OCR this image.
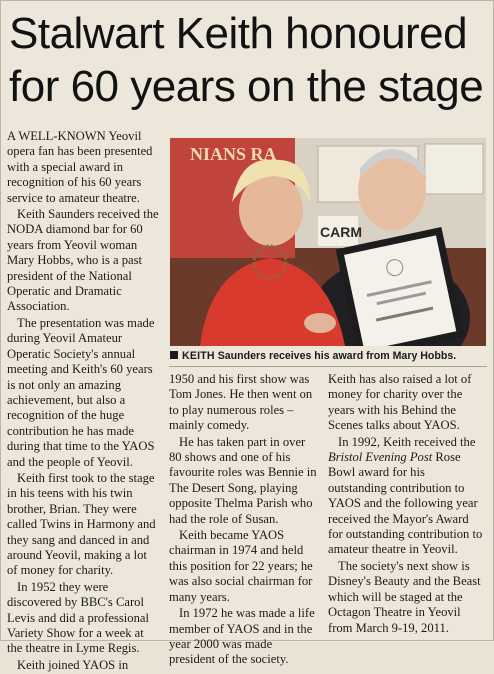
Stalwart Keith honoured for 60 years on the stage

A WELL-KNOWN Yeovil opera fan has been presented with a special award in recognition of his 60 years service to amateur theatre.

Keith Saunders received the NODA diamond bar for 60 years from Yeovil woman Mary Hobbs, who is a past president of the National Operatic and Dramatic Association.

The presentation was made during Yeovil Amateur Operatic Society's annual meeting and Keith's 60 years is not only an amazing achievement, but also a recognition of the huge contribution he has made during that time to the YAOS and the people of Yeovil.

Keith first took to the stage in his teens with his twin brother, Brian. They were called Twins in Harmony and they sang and danced in and around Yeovil, making a lot of money for charity.

In 1952 they were discovered by BBC's Carol Levis and did a professional Variety Show for a week at the theatre in Lyme Regis.

Keith joined YAOS in

NIANS RA
CARM
KEITH Saunders receives his award from Mary Hobbs.

1950 and his first show was Tom Jones. He then went on to play numerous roles – mainly comedy.

He has taken part in over 80 shows and one of his favourite roles was Bennie in The Desert Song, playing opposite Thelma Parish who had the role of Susan.

Keith became YAOS chairman in 1974 and held this position for 22 years; he was also social chairman for many years.

In 1972 he was made a life member of YAOS and in the year 2000 was made president of the society.

Keith has also raised a lot of money for charity over the years with his Behind the Scenes talks about YAOS.

In 1992, Keith received the Bristol Evening Post Rose Bowl award for his outstanding contribution to YAOS and the following year received the Mayor's Award for outstanding contribution to amateur theatre in Yeovil.

The society's next show is Disney's Beauty and the Beast which will be staged at the Octagon Theatre in Yeovil from March 9-19, 2011.
